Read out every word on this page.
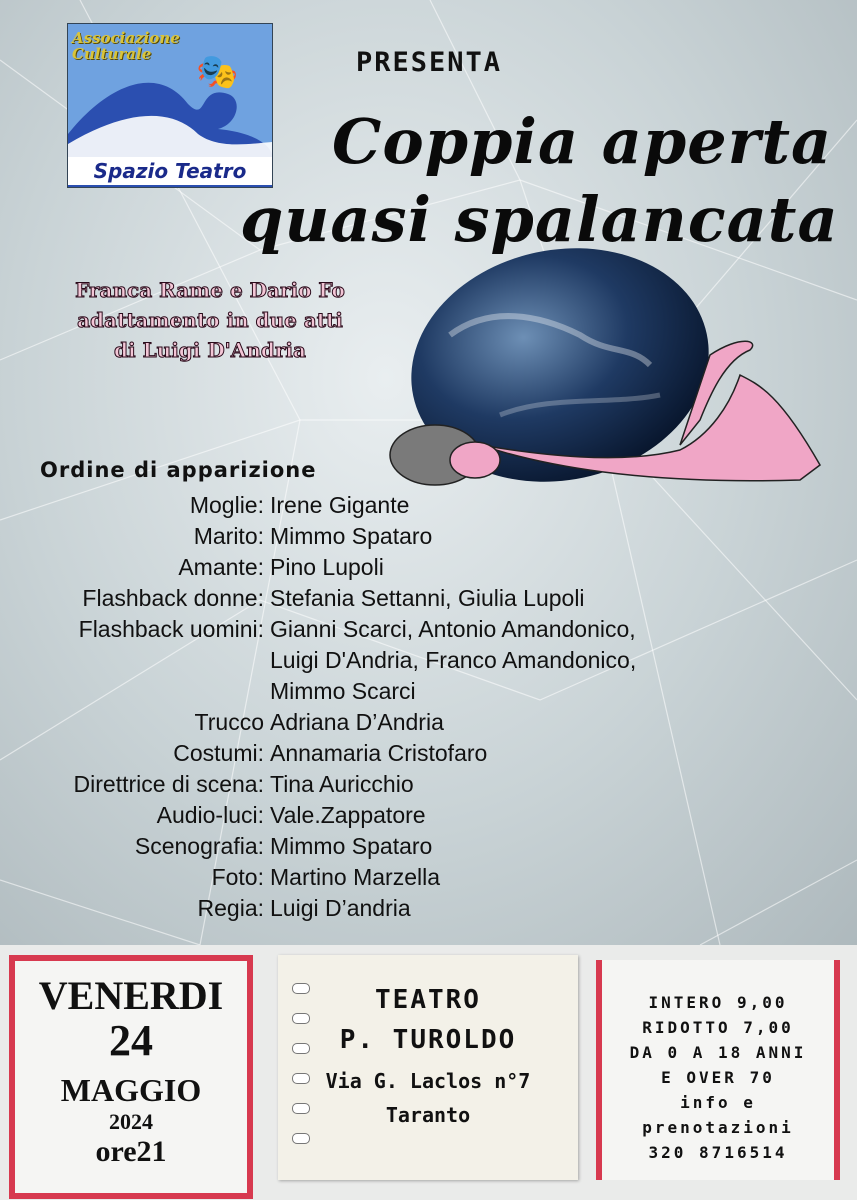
Associazione
Culturale	🎭
Spazio Teatro
PRESENTA
Coppia aperta
quasi spalancata
Franca Rame e Dario Fo
adattamento in due atti
di Luigi D'Andria
Ordine di apparizione
Moglie: Irene Gigante
Marito: Mimmo Spataro
Amante: Pino Lupoli
Flashback donne: Stefania Settanni, Giulia Lupoli
Flashback uomini: Gianni Scarci, Antonio Amandonico,
Luigi D'Andria, Franco Amandonico,
Mimmo Scarci
Trucco Adriana D’Andria
Costumi: Annamaria Cristofaro
Direttrice di scena: Tina Auricchio
Audio-luci: Vale.Zappatore
Scenografia: Mimmo Spataro
Foto: Martino Marzella
Regia: Luigi D’andria
VENERDI
24
MAGGIO
2024
ore21
TEATRO
P. TUROLDO
Via G. Laclos n°7
Taranto
INTERO 9,00
RIDOTTO 7,00
DA 0 A 18 ANNI
E OVER 70
info e
prenotazioni
320 8716514
